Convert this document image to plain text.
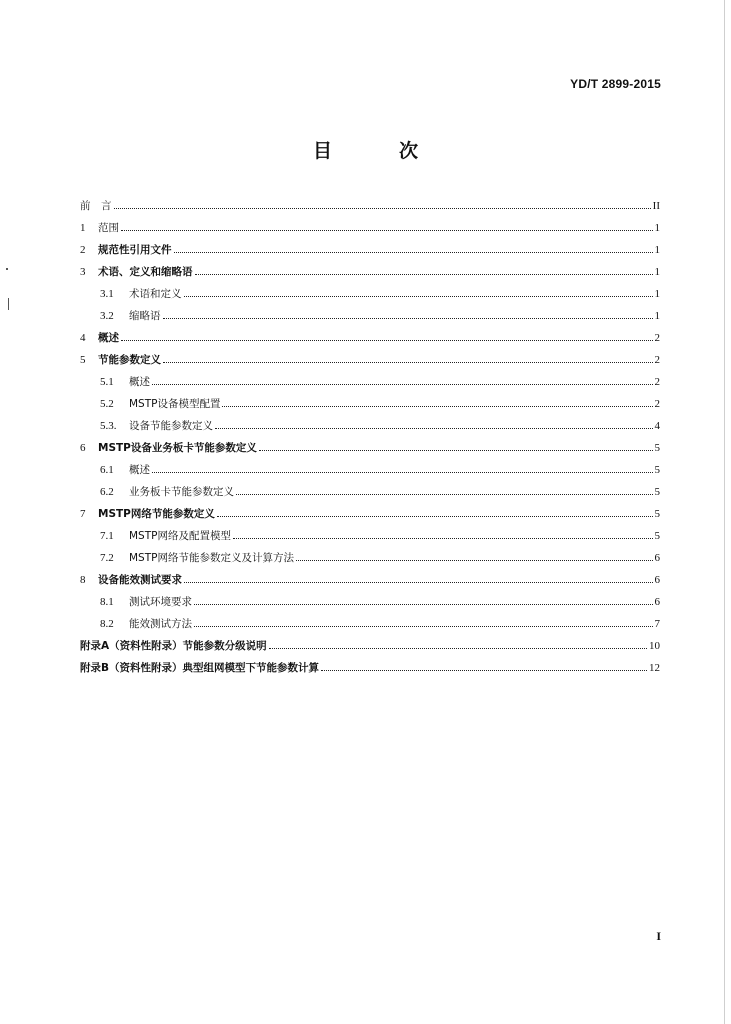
YD/T 2899-2015
目　次
前　言	II
1	范围	1
2	规范性引用文件	1
3	术语、定义和缩略语	1
3.1	术语和定义	1
3.2	缩略语	1
4	概述	2
5	节能参数定义	2
5.1	概述	2
5.2	MSTP设备模型配置	2
5.3.	设备节能参数定义	4
6	MSTP设备业务板卡节能参数定义	5
6.1	概述	5
6.2	业务板卡节能参数定义	5
7	MSTP网络节能参数定义	5
7.1	MSTP网络及配置模型	5
7.2	MSTP网络节能参数定义及计算方法	6
8	设备能效测试要求	6
8.1	测试环境要求	6
8.2	能效测试方法	7
附录A（资料性附录）节能参数分级说明	10
附录B（资料性附录）典型组网模型下节能参数计算	12
I
